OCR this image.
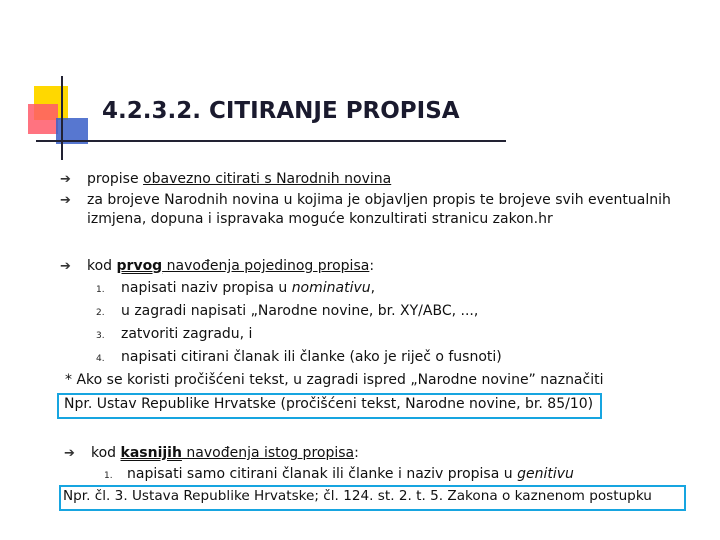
4.2.3.2. CITIRANJE PROPISA
➔ propise obavezno citirati s Narodnih novina
➔ za brojeve Narodnih novina u kojima je objavljen propis te brojeve svih eventualnih
izmjena, dopuna i ispravaka moguće konzultirati stranicu zakon.hr
➔ kod prvog navođenja pojedinog propisa:
1. napisati naziv propisa u nominativu,
2. u zagradi napisati „Narodne novine, br. XY/ABC, ...,
3. zatvoriti zagradu, i
4. napisati citirani članak ili članke (ako je riječ o fusnoti)
* Ako se koristi pročišćeni tekst, u zagradi ispred „Narodne novine” naznačiti
Npr. Ustav Republike Hrvatske (pročišćeni tekst, Narodne novine, br. 85/10)
➔ kod kasnijih navođenja istog propisa:
1. napisati samo citirani članak ili članke i naziv propisa u genitivu
Npr. čl. 3. Ustava Republike Hrvatske; čl. 124. st. 2. t. 5. Zakona o kaznenom postupku
